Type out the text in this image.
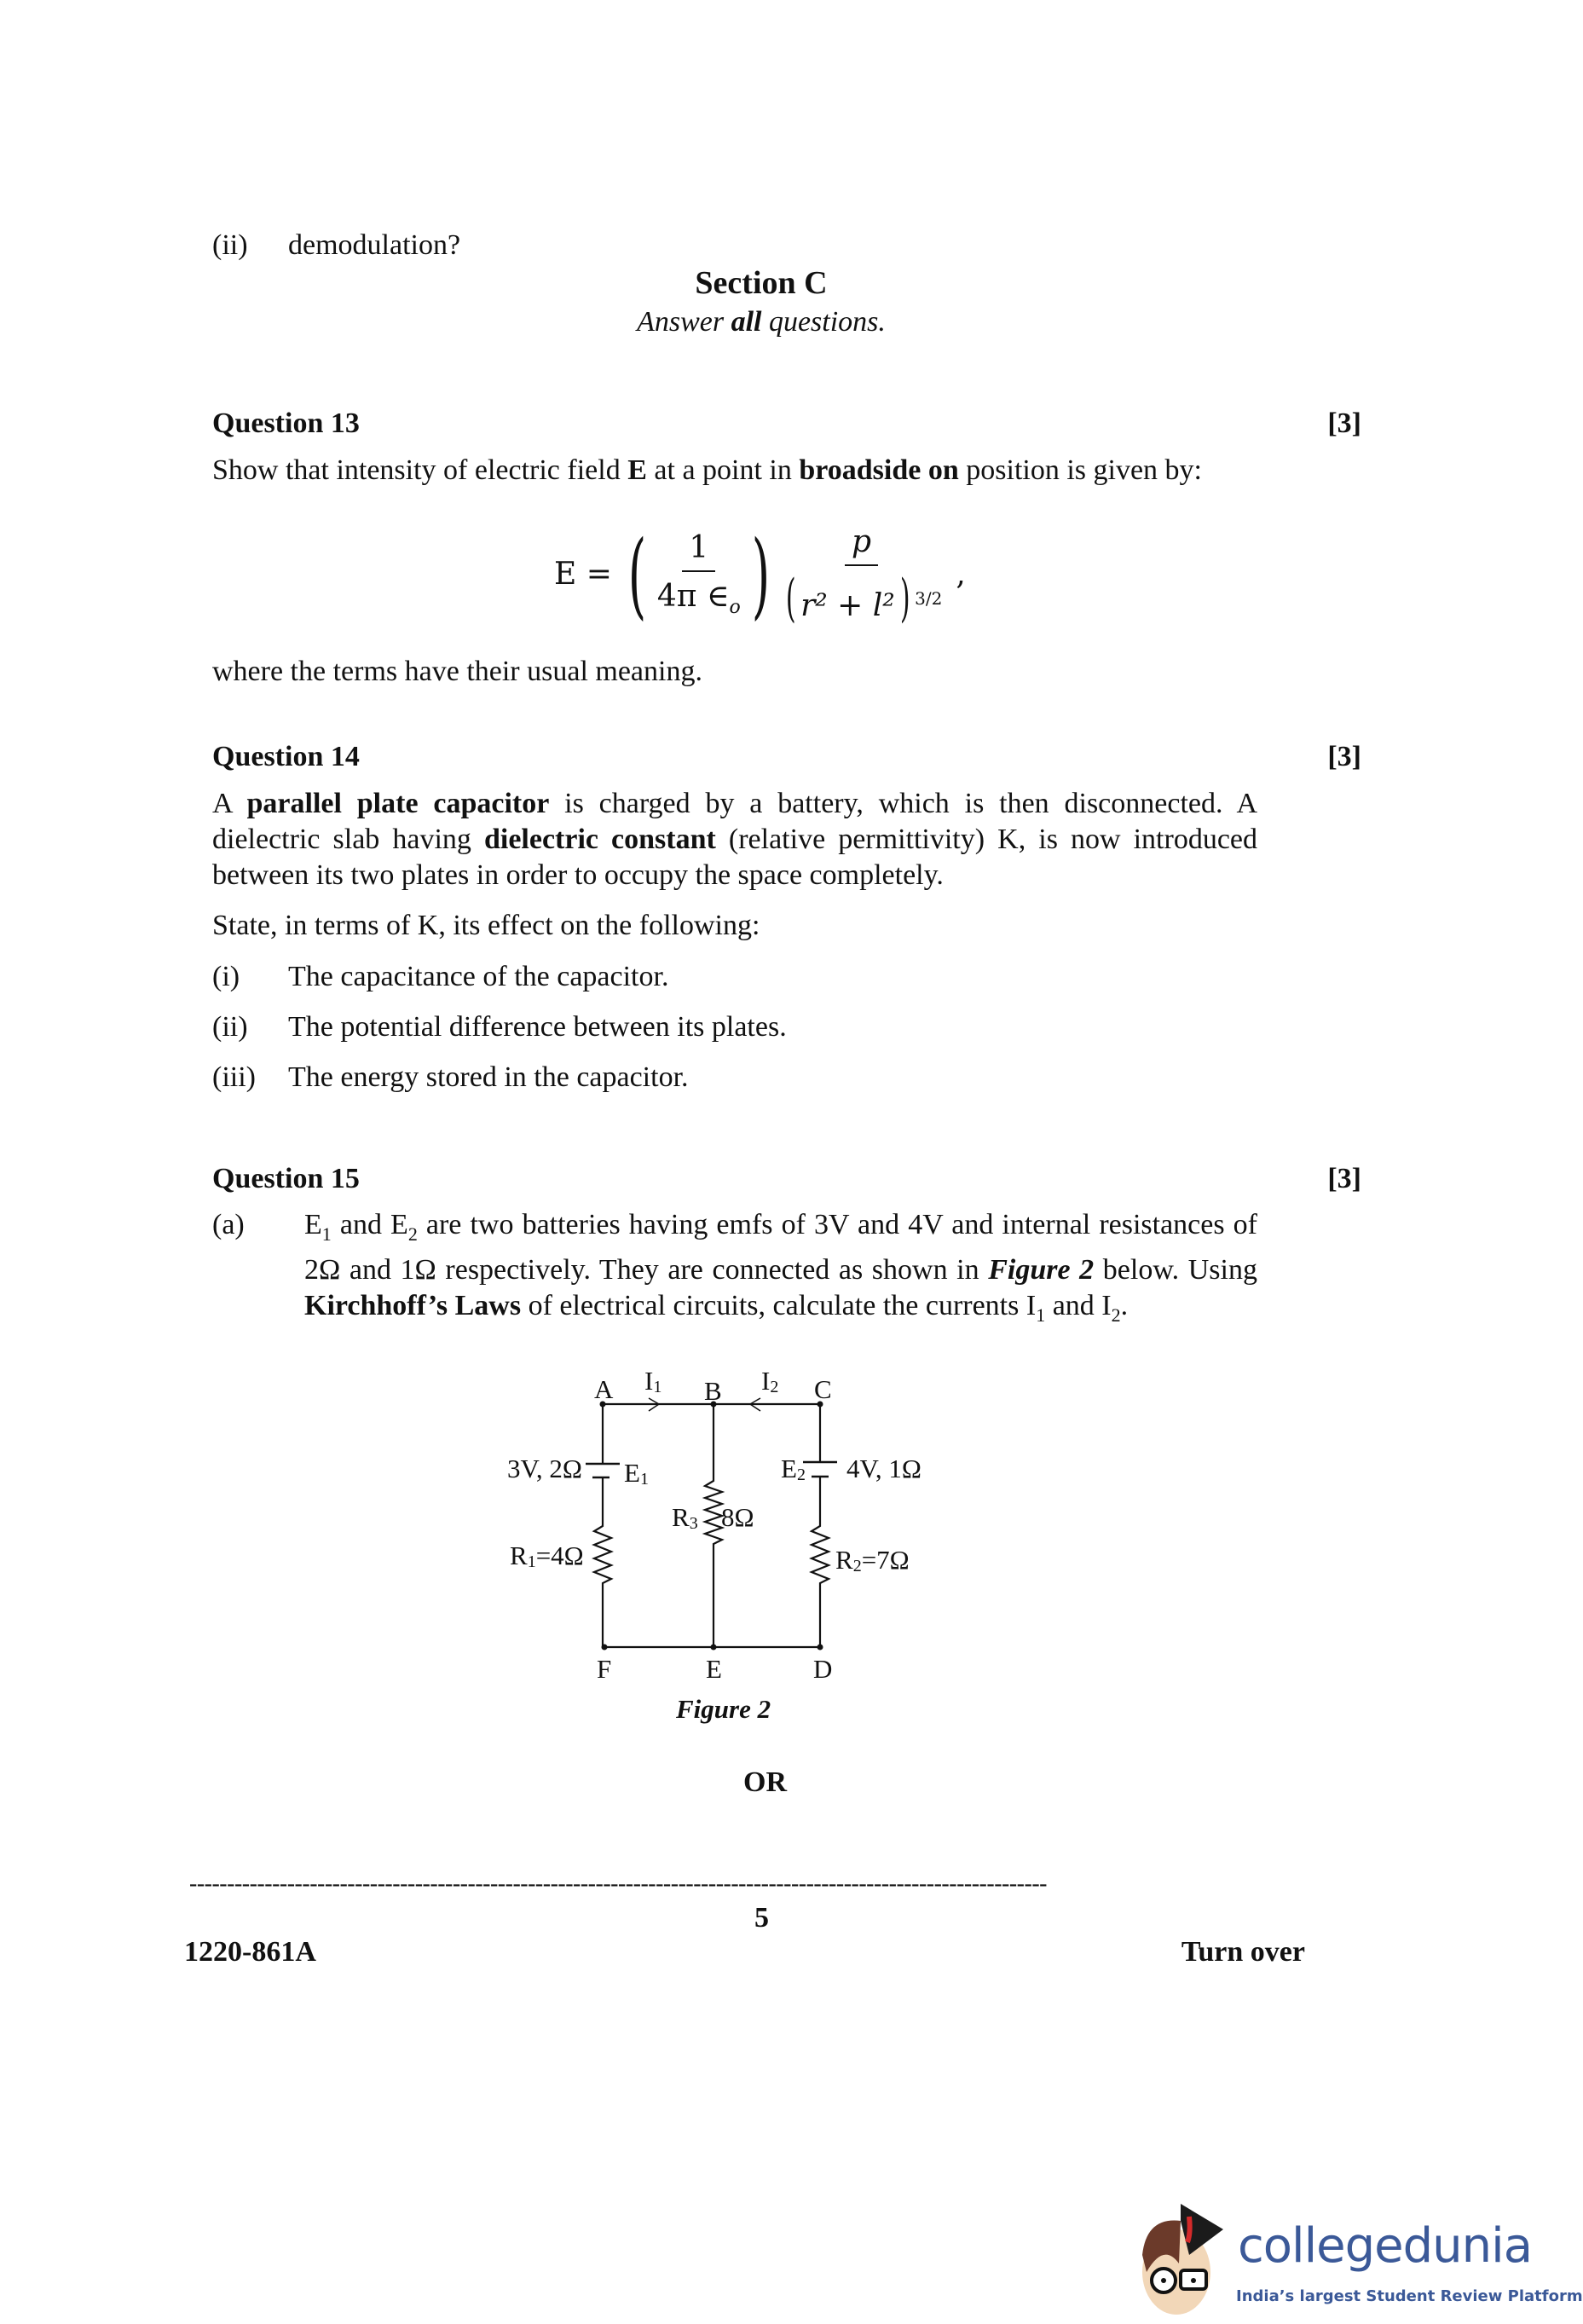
(ii) demodulation?
Section C
Answer all questions.
Question 13	[3]
Show that intensity of electric field E at a point in broadside on position is given by:
E = ( $\frac{1}{4\pi \in_o}$ ) $\frac{p}{( r^2 + l^2) ^{3/2}}$ ,
where the terms have their usual meaning.
Question 14	[3]
A parallel plate capacitor is charged by a battery, which is then disconnected. A dielectric slab having dielectric constant (relative permittivity) K, is now introduced between its two plates in order to occupy the space completely.
State, in terms of K, its effect on the following:
(i) The capacitance of the capacitor.
(ii) The potential difference between its plates.
(iii) The energy stored in the capacitor.
Question 15	[3]
(a) $E_1$ and $E_2$ are two batteries having emfs of 3V and 4V and internal resistances of 2Ω and 1Ω respectively. They are connected as shown in Figure 2 below. Using Kirchhoff’s Laws of electrical circuits, calculate the currents $I_1$ and $I_2$.
A	B	C
F	E	D
I1	I2
3V, 2Ω E1	E2 4V, 1Ω
R1=4Ω
R3 8Ω
R2=7Ω
Figure 2
OR
------------------------------------------------------------------------------------------------------------------
5
1220-861A	Turn over
collegedunia
India’s largest Student Review Platform
